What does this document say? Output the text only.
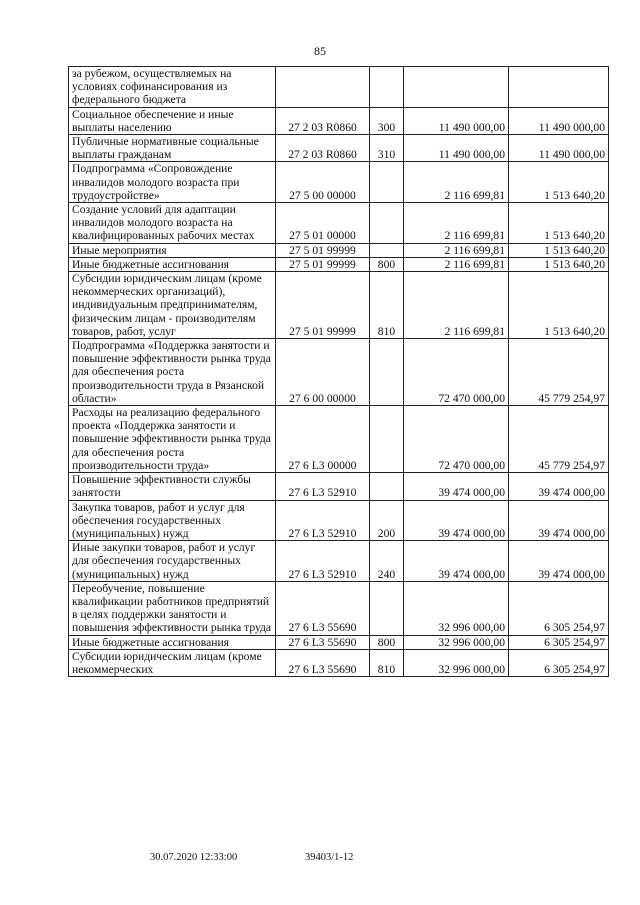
85
за рубежом, осуществляемых на условиях софинансирования из федерального бюджета				
Социальное обеспечение и иные выплаты населению	27 2 03 R0860	300	11 490 000,00	11 490 000,00
Публичные нормативные социальные выплаты гражданам	27 2 03 R0860	310	11 490 000,00	11 490 000,00
Подпрограмма «Сопровождение инвалидов молодого возраста при трудоустройстве»	27 5 00 00000		2 116 699,81	1 513 640,20
Создание условий для адаптации инвалидов молодого возраста на квалифицированных рабочих местах	27 5 01 00000		2 116 699,81	1 513 640,20
Иные мероприятия	27 5 01 99999		2 116 699,81	1 513 640,20
Иные бюджетные ассигнования	27 5 01 99999	800	2 116 699,81	1 513 640,20
Субсидии юридическим лицам (кроме некоммерческих организаций), индивидуальным предпринимателям, физическим лицам - производителям товаров, работ, услуг	27 5 01 99999	810	2 116 699,81	1 513 640,20
Подпрограмма «Поддержка занятости и повышение эффективности рынка труда для обеспечения роста производительности труда в Рязанской области»	27 6 00 00000		72 470 000,00	45 779 254,97
Расходы на реализацию федерального проекта «Поддержка занятости и повышение эффективности рынка труда для обеспечения роста производительности труда»	27 6 L3 00000		72 470 000,00	45 779 254,97
Повышение эффективности службы занятости	27 6 L3 52910		39 474 000,00	39 474 000,00
Закупка товаров, работ и услуг для обеспечения государственных (муниципальных) нужд	27 6 L3 52910	200	39 474 000,00	39 474 000,00
Иные закупки товаров, работ и услуг для обеспечения государственных (муниципальных) нужд	27 6 L3 52910	240	39 474 000,00	39 474 000,00
Переобучение, повышение квалификации работников предприятий в целях поддержки занятости и повышения эффективности рынка труда	27 6 L3 55690		32 996 000,00	6 305 254,97
Иные бюджетные ассигнования	27 6 L3 55690	800	32 996 000,00	6 305 254,97
Субсидии юридическим лицам (кроме некоммерческих	27 6 L3 55690	810	32 996 000,00	6 305 254,97
30.07.2020 12:33:00	39403/1-12
